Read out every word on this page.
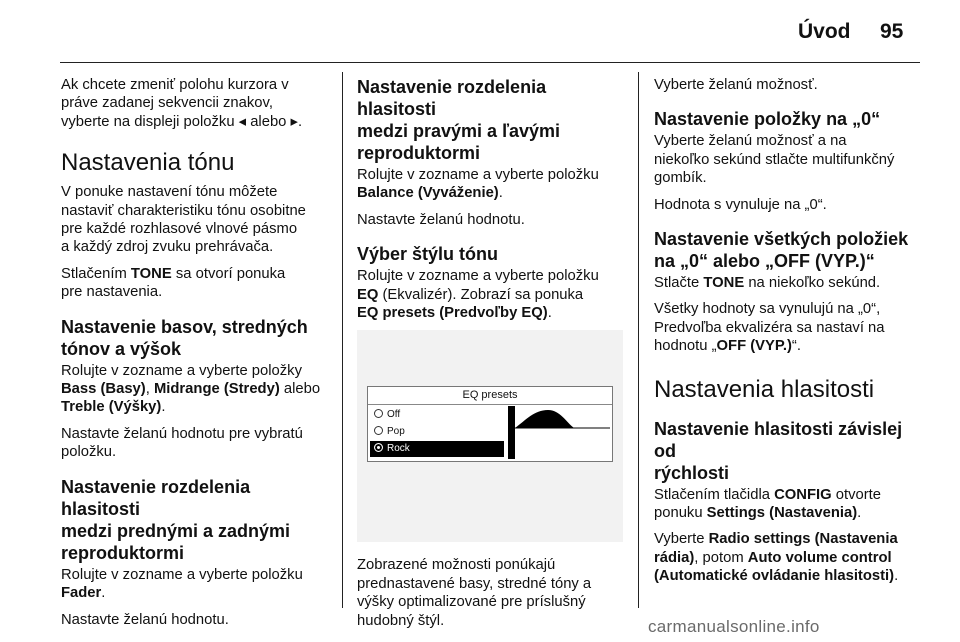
Úvod 95
Ak chcete zmeniť polohu kurzora v
práve zadanej sekvencii znakov,
vyberte na displeji položku ◂ alebo ▸.
Nastavenia tónu
V ponuke nastavení tónu môžete
nastaviť charakteristiku tónu osobitne
pre každé rozhlasové vlnové pásmo
a každý zdroj zvuku prehrávača.
Stlačením TONE sa otvorí ponuka
pre nastavenia.
Nastavenie basov, stredných
tónov a výšok
Rolujte v zozname a vyberte položky
Bass (Basy), Midrange (Stredy) alebo
Treble (Výšky).
Nastavte želanú hodnotu pre vybratú
položku.
Nastavenie rozdelenia hlasitosti
medzi prednými a zadnými
reproduktormi
Rolujte v zozname a vyberte položku
Fader.
Nastavte želanú hodnotu.
Nastavenie rozdelenia hlasitosti
medzi pravými a ľavými
reproduktormi
Rolujte v zozname a vyberte položku
Balance (Vyváženie).
Nastavte želanú hodnotu.
Výber štýlu tónu
Rolujte v zozname a vyberte položku
EQ (Ekvalizér). Zobrazí sa ponuka
EQ presets (Predvoľby EQ).
EQ presets
Off
Pop
Rock
Zobrazené možnosti ponúkajú
prednastavené basy, stredné tóny a
výšky optimalizované pre príslušný
hudobný štýl.
Vyberte želanú možnosť.
Nastavenie položky na „0“
Vyberte želanú možnosť a na
niekoľko sekúnd stlačte multifunkčný
gombík.
Hodnota s vynuluje na „0“.
Nastavenie všetkých položiek
na „0“ alebo „OFF (VYP.)“
Stlačte TONE na niekoľko sekúnd.
Všetky hodnoty sa vynulujú na „0“,
Predvoľba ekvalizéra sa nastaví na
hodnotu „OFF (VYP.)“.
Nastavenia hlasitosti
Nastavenie hlasitosti závislej od
rýchlosti
Stlačením tlačidla CONFIG otvorte
ponuku Settings (Nastavenia).
Vyberte Radio settings (Nastavenia
rádia), potom Auto volume control
(Automatické ovládanie hlasitosti).
carmanualsonline.info
